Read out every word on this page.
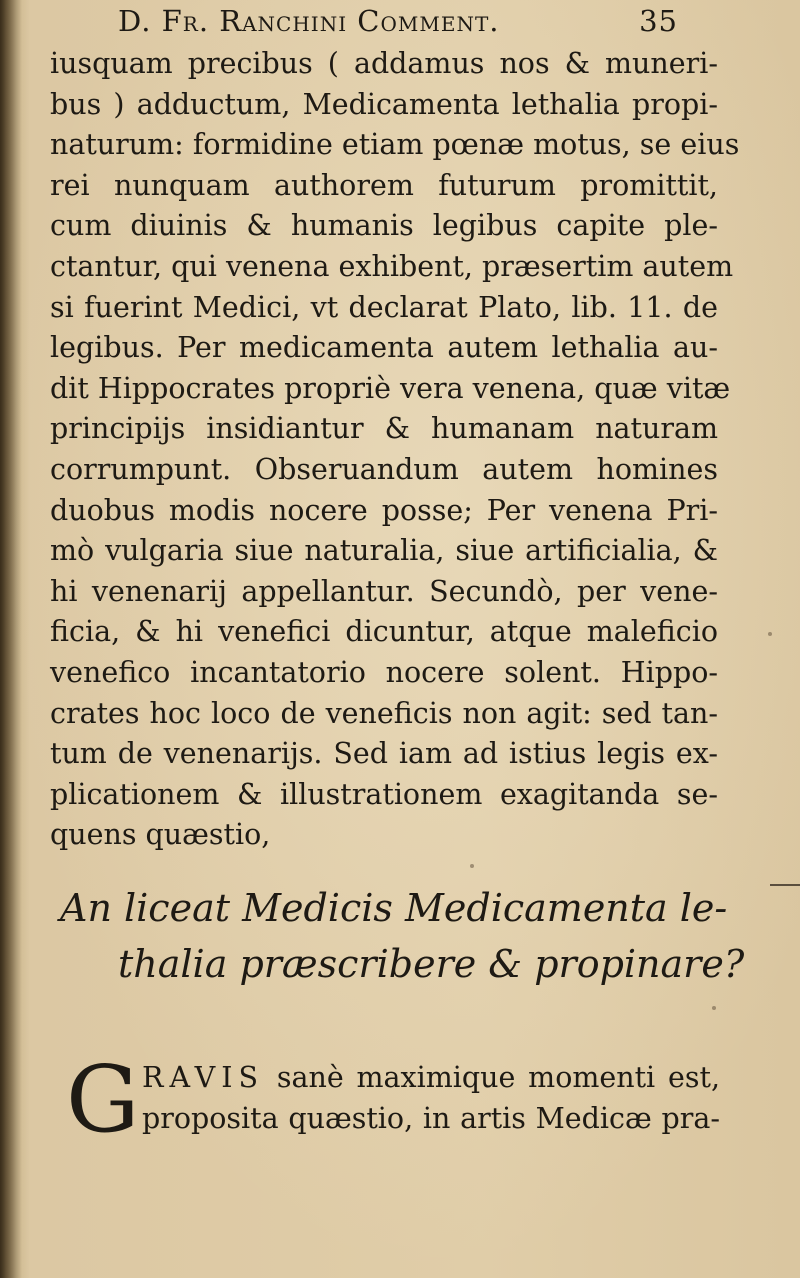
D. Fr. Ranchini Comment.	35
iusquam precibus ( addamus nos & muneri-
bus ) adductum, Medicamenta lethalia propi-
naturum: formidine etiam pœnæ motus, se eius
rei nunquam authorem futurum promittit,
cum diuinis & humanis legibus capite ple-
ctantur, qui venena exhibent, præsertim autem
si fuerint Medici, vt declarat Plato, lib. 11. de
legibus. Per medicamenta autem lethalia au-
dit Hippocrates propriè vera venena, quæ vitæ
principijs insidiantur & humanam naturam
corrumpunt. Obseruandum autem homines
duobus modis nocere posse; Per venena Pri-
mò vulgaria siue naturalia, siue artificialia, &
hi venenarij appellantur. Secundò, per vene-
ficia, & hi venefici dicuntur, atque maleficio
venefico incantatorio nocere solent. Hippo-
crates hoc loco de veneficis non agit: sed tan-
tum de venenarijs. Sed iam ad istius legis ex-
plicationem & illustrationem exagitanda se-
quens quæstio,
An liceat Medicis Medicamenta le-
thalia præscribere & propinare?
G RAVIS sanè maximique momenti est,
proposita quæstio, in artis Medicæ pra-
